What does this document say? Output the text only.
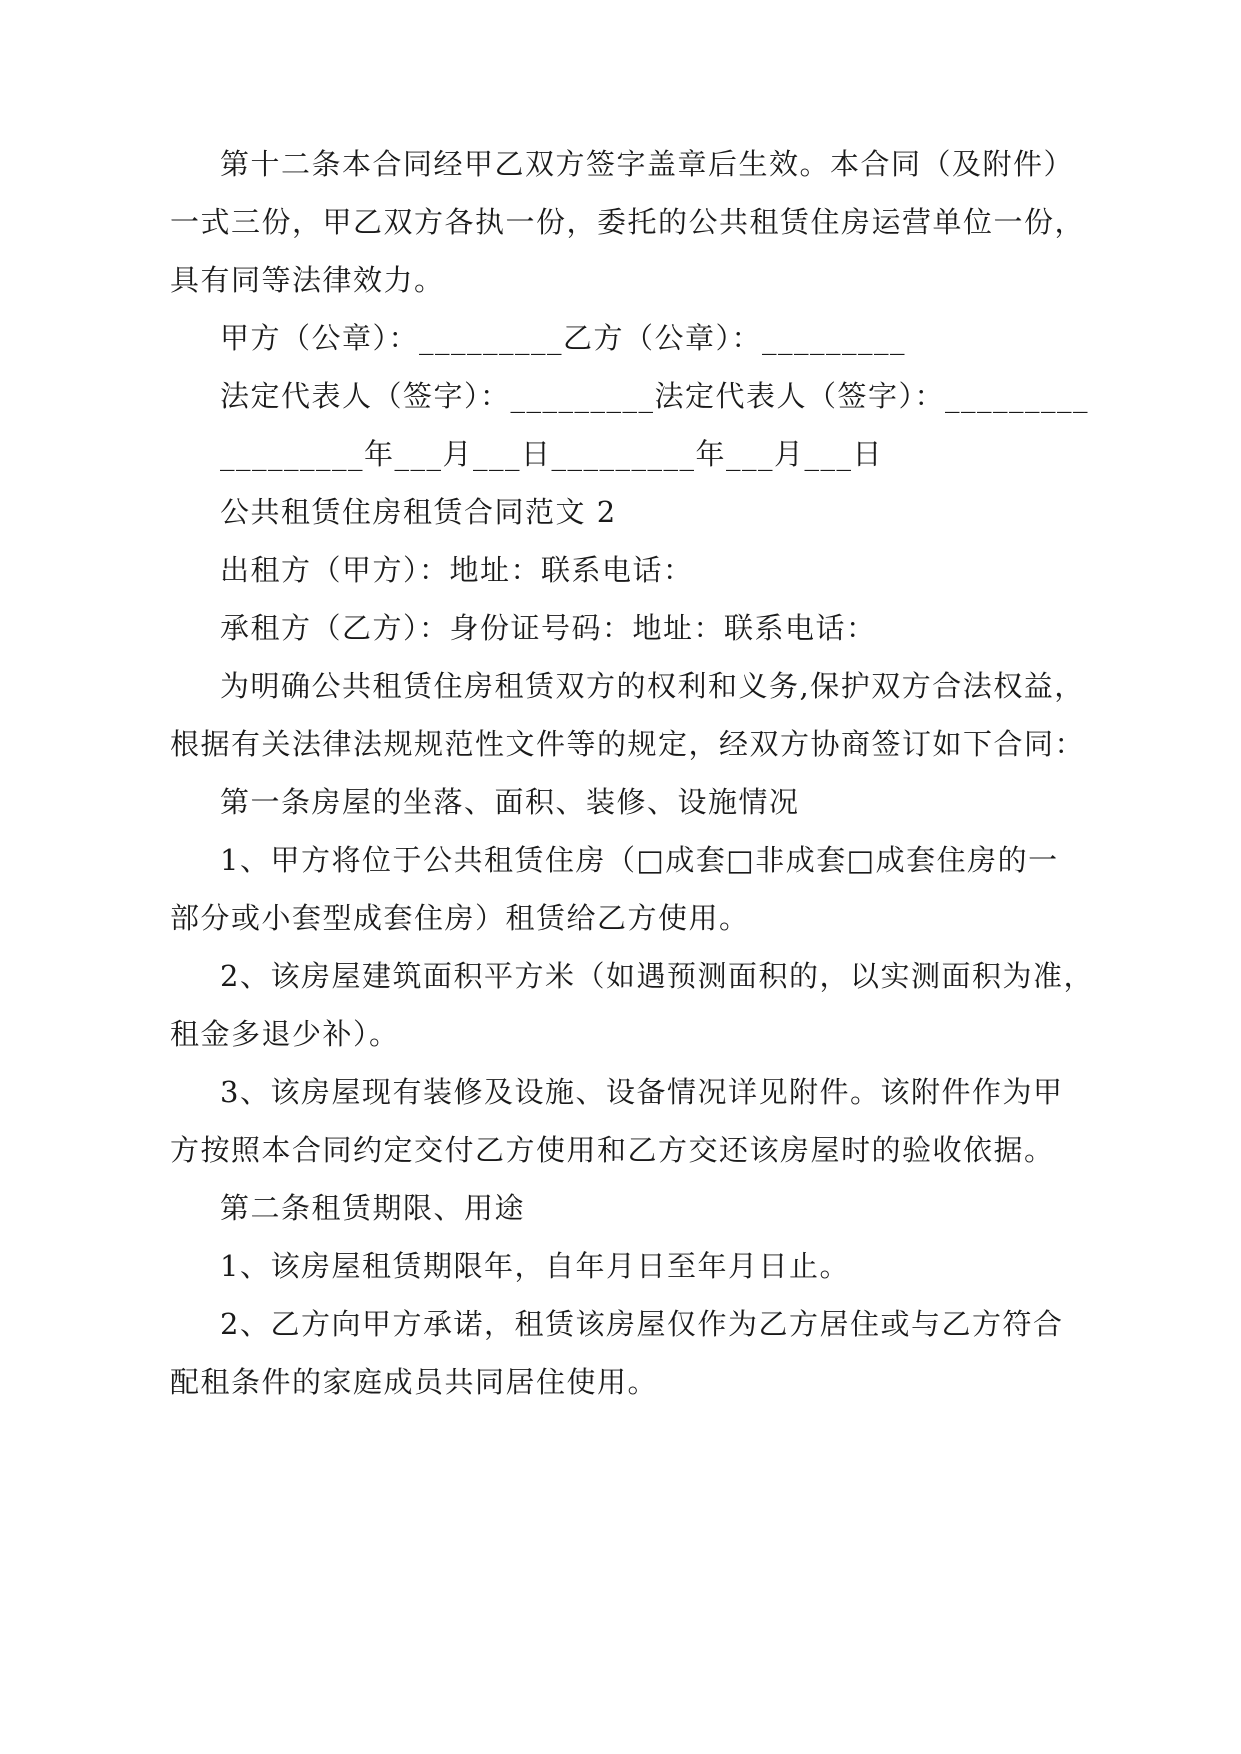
第十二条本合同经甲乙双方签字盖章后生效。本合同（及附件）

一式三份，甲乙双方各执一份，委托的公共租赁住房运营单位一份，

具有同等法律效力。

甲方（公章）：_________乙方（公章）：_________

法定代表人（签字）：_________法定代表人（签字）：_________

_________年___月___日_________年___月___日

公共租赁住房租赁合同范文 2

出租方（甲方）：地址：联系电话：

承租方（乙方）：身份证号码：地址：联系电话：

为明确公共租赁住房租赁双方的权利和义务,保护双方合法权益，

根据有关法律法规规范性文件等的规定，经双方协商签订如下合同：

第一条房屋的坐落、面积、装修、设施情况

1、甲方将位于公共租赁住房（□成套□非成套□成套住房的一

部分或小套型成套住房）租赁给乙方使用。

2、该房屋建筑面积平方米（如遇预测面积的，以实测面积为准，

租金多退少补）。

3、该房屋现有装修及设施、设备情况详见附件。该附件作为甲

方按照本合同约定交付乙方使用和乙方交还该房屋时的验收依据。

第二条租赁期限、用途

1、该房屋租赁期限年，自年月日至年月日止。

2、乙方向甲方承诺，租赁该房屋仅作为乙方居住或与乙方符合

配租条件的家庭成员共同居住使用。
